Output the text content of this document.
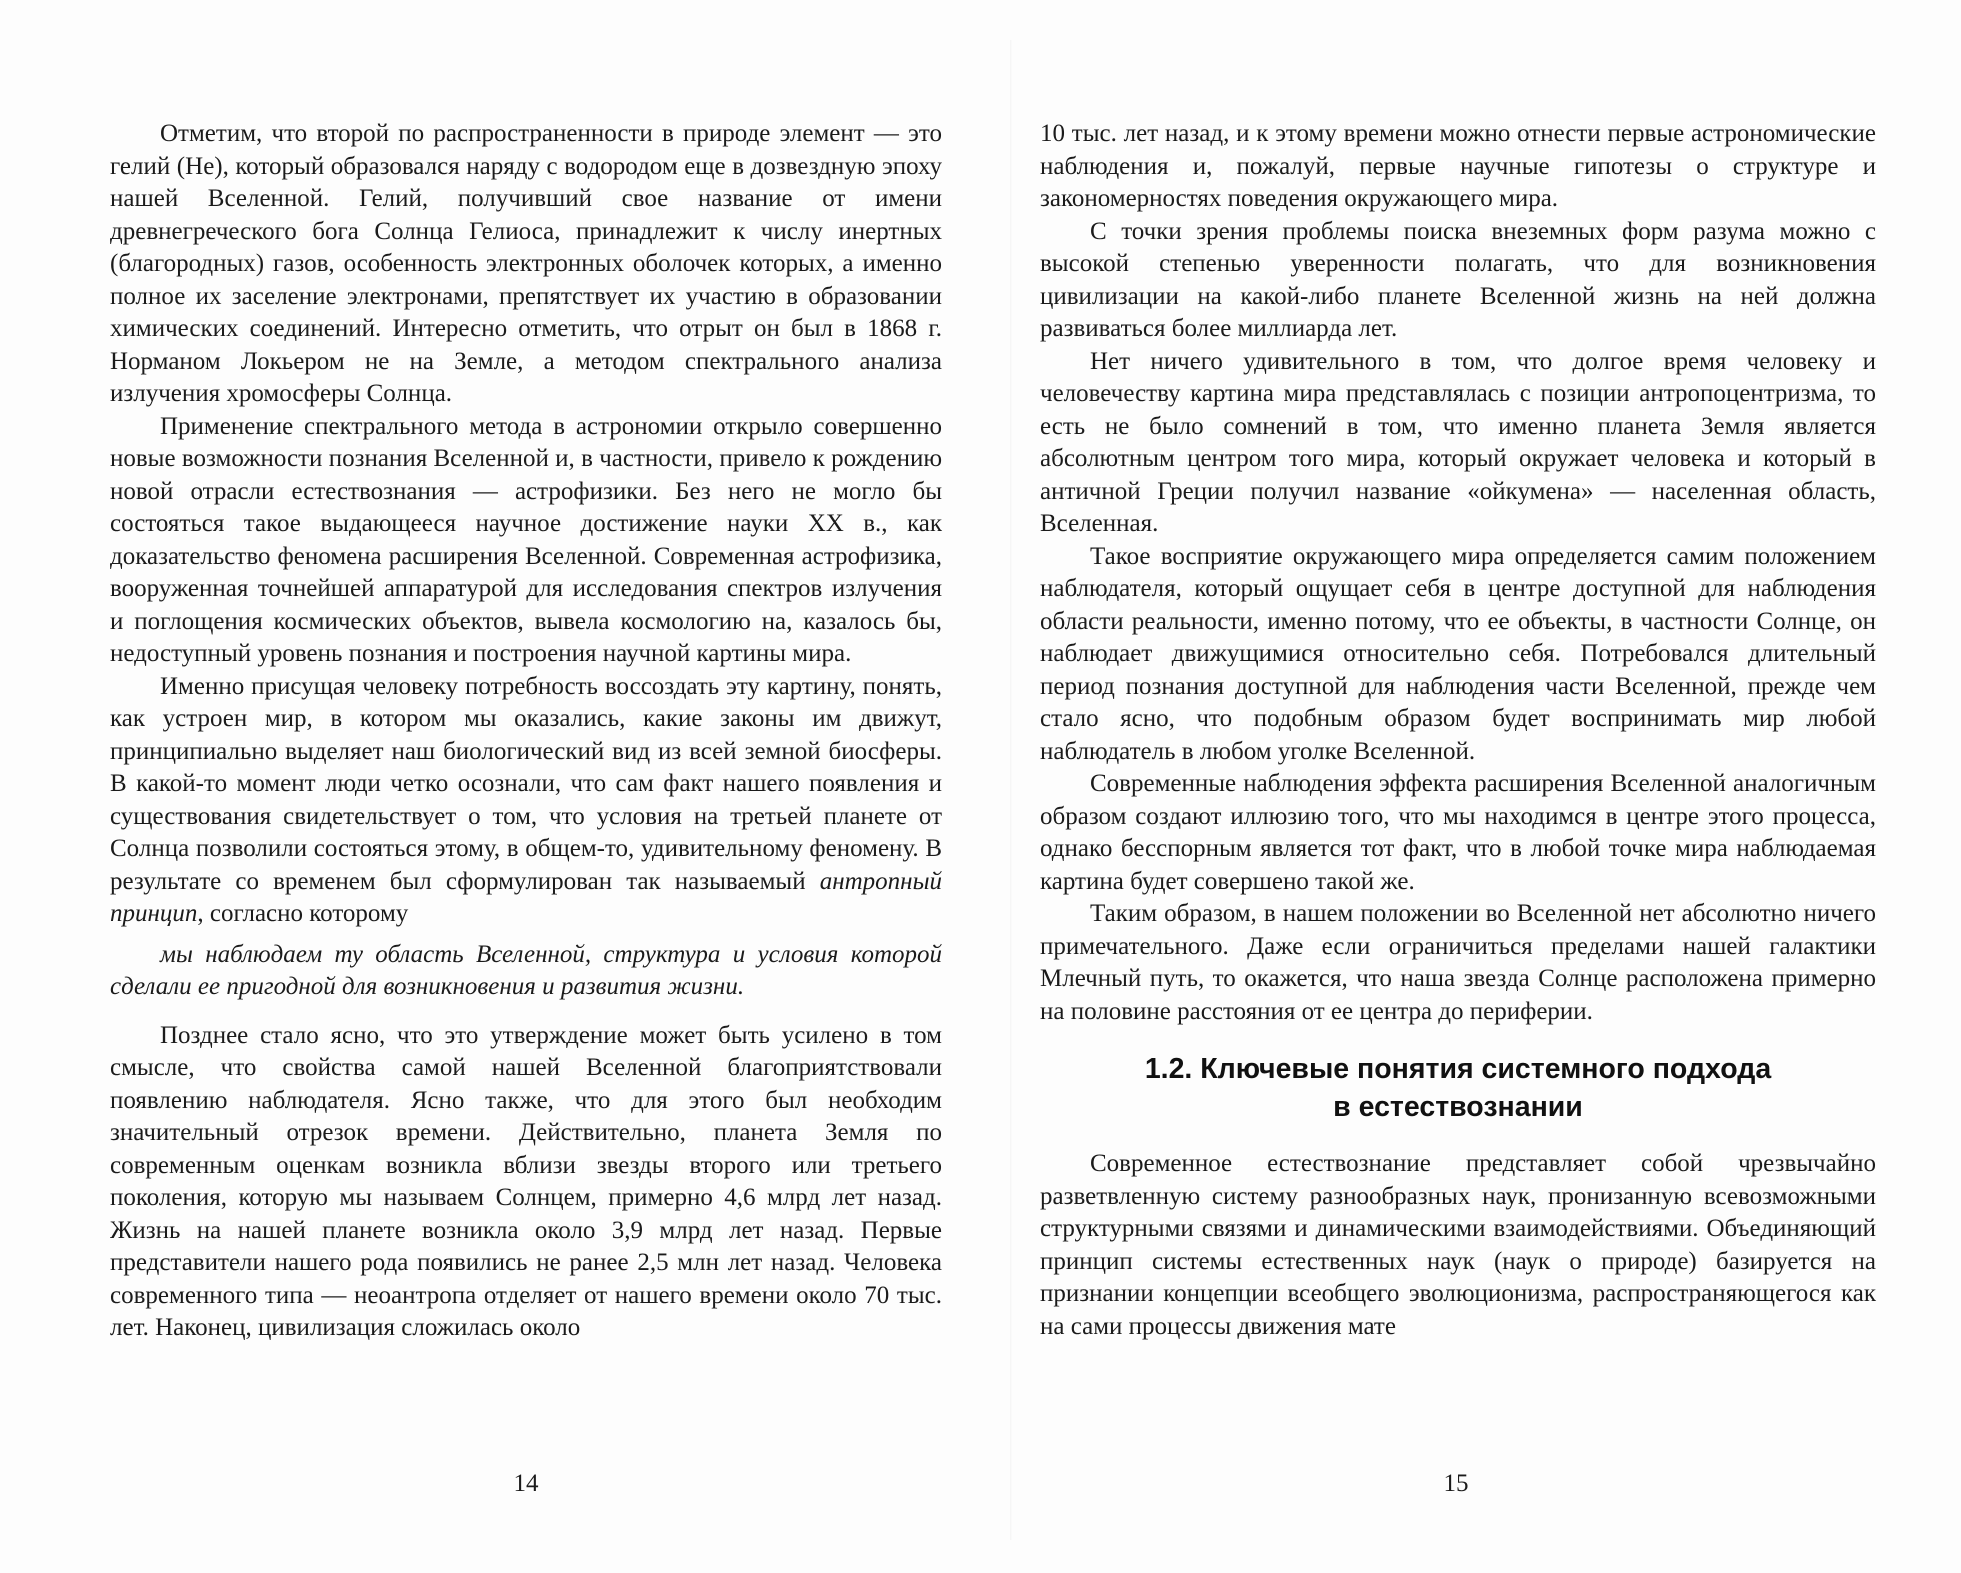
Отметим, что второй по распространенности в природе элемент — это гелий (Не), который образовался наряду с водородом еще в дозвездную эпоху нашей Вселенной. Гелий, получивший свое название от имени древнегреческого бога Солнца Гелиоса, принадлежит к числу инертных (благородных) газов, особенность электронных оболочек которых, а именно полное их заселение электронами, препятствует их участию в образовании химических соединений. Интересно отметить, что отрыт он был в 1868 г. Норманом Локьером не на Земле, а методом спектрального анализа излучения хромосферы Солнца.

Применение спектрального метода в астрономии открыло совершенно новые возможности познания Вселенной и, в частности, привело к рождению новой отрасли естествознания — астрофизики. Без него не могло бы состояться такое выдающееся научное достижение науки XX в., как доказательство феномена расширения Вселенной. Современная астрофизика, вооруженная точнейшей аппаратурой для исследования спектров излучения и поглощения космических объектов, вывела космологию на, казалось бы, недоступный уровень познания и построения научной картины мира.

Именно присущая человеку потребность воссоздать эту картину, понять, как устроен мир, в котором мы оказались, какие законы им движут, принципиально выделяет наш биологический вид из всей земной биосферы. В какой-то момент люди четко осознали, что сам факт нашего появления и существования свидетельствует о том, что условия на третьей планете от Солнца позволили состояться этому, в общем-то, удивительному феномену. В результате со временем был сформулирован так называемый антропный принцип, согласно которому

мы наблюдаем ту область Вселенной, структура и условия которой сделали ее пригодной для возникновения и развития жизни.

Позднее стало ясно, что это утверждение может быть усилено в том смысле, что свойства самой нашей Вселенной благоприятствовали появлению наблюдателя. Ясно также, что для этого был необходим значительный отрезок времени. Действительно, планета Земля по современным оценкам возникла вблизи звезды второго или третьего поколения, которую мы называем Солнцем, примерно 4,6 млрд лет назад. Жизнь на нашей планете возникла около 3,9 млрд лет назад. Первые представители нашего рода появились не ранее 2,5 млн лет назад. Человека современного типа — неоантропа отделяет от нашего времени около 70 тыс. лет. Наконец, цивилизация сложилась около

10 тыс. лет назад, и к этому времени можно отнести первые астрономические наблюдения и, пожалуй, первые научные гипотезы о структуре и закономерностях поведения окружающего мира.

С точки зрения проблемы поиска внеземных форм разума можно с высокой степенью уверенности полагать, что для возникновения цивилизации на какой-либо планете Вселенной жизнь на ней должна развиваться более миллиарда лет.

Нет ничего удивительного в том, что долгое время человеку и человечеству картина мира представлялась с позиции антропоцентризма, то есть не было сомнений в том, что именно планета Земля является абсолютным центром того мира, который окружает человека и который в античной Греции получил название «ойкумена» — населенная область, Вселенная.

Такое восприятие окружающего мира определяется самим положением наблюдателя, который ощущает себя в центре доступной для наблюдения области реальности, именно потому, что ее объекты, в частности Солнце, он наблюдает движущимися относительно себя. Потребовался длительный период познания доступной для наблюдения части Вселенной, прежде чем стало ясно, что подобным образом будет воспринимать мир любой наблюдатель в любом уголке Вселенной.

Современные наблюдения эффекта расширения Вселенной аналогичным образом создают иллюзию того, что мы находимся в центре этого процесса, однако бесспорным является тот факт, что в любой точке мира наблюдаемая картина будет совершено такой же.

Таким образом, в нашем положении во Вселенной нет абсолютно ничего примечательного. Даже если ограничиться пределами нашей галактики Млечный путь, то окажется, что наша звезда Солнце расположена примерно на половине расстояния от ее центра до периферии.

1.2. Ключевые понятия системного подхода
в естествознании

Современное естествознание представляет собой чрезвычайно разветвленную систему разнообразных наук, пронизанную всевозможными структурными связями и динамическими взаимодействиями. Объединяющий принцип системы естественных наук (наук о природе) базируется на признании концепции всеобщего эволюционизма, распространяющегося как на сами процессы движения мате

14	15
